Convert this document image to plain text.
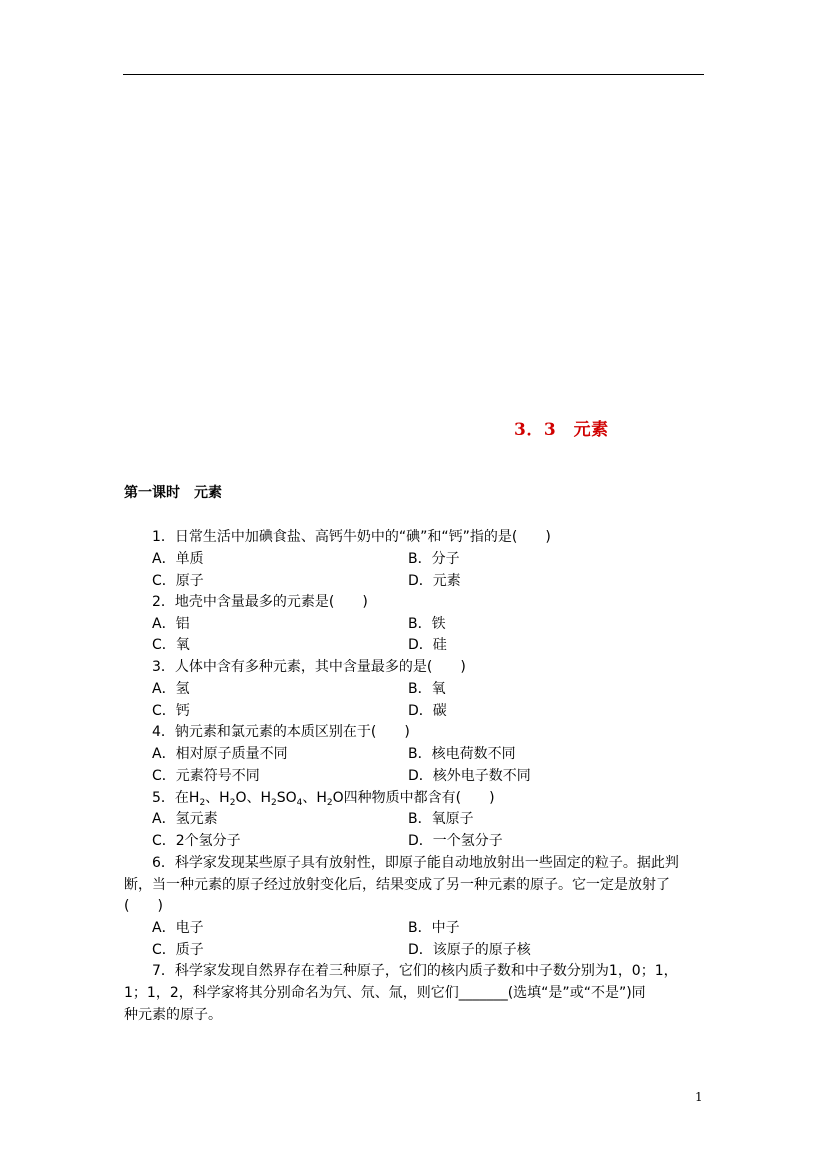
3．3　元素
第一课时　元素
1．日常生活中加碘食盐、高钙牛奶中的“碘”和“钙”指的是(　　)
A．单质	B．分子
C．原子	D．元素
2．地壳中含量最多的元素是(　　)
A．铝	B．铁
C．氧	D．硅
3．人体中含有多种元素，其中含量最多的是(　　)
A．氢	B．氧
C．钙	D．碳
4．钠元素和氯元素的本质区别在于(　　)
A．相对原子质量不同	B．核电荷数不同
C．元素符号不同	D．核外电子数不同
5．在$H_2$、$H_2O$、$H_2SO_4$、$H_2O$四种物质中都含有(　　)
A．氢元素	B．氧原子
C．2个氢分子	D．一个氢分子
6．科学家发现某些原子具有放射性，即原子能自动地放射出一些固定的粒子。据此判
断，当一种元素的原子经过放射变化后，结果变成了另一种元素的原子。它一定是放射了
(　　)
A．电子	B．中子
C．质子	D．该原子的原子核
7．科学家发现自然界存在着三种原子，它们的核内质子数和中子数分别为1，0；1，
1；1，2，科学家将其分别命名为氕、氘、氚，则它们_______(选填“是”或“不是”)同
种元素的原子。
1
